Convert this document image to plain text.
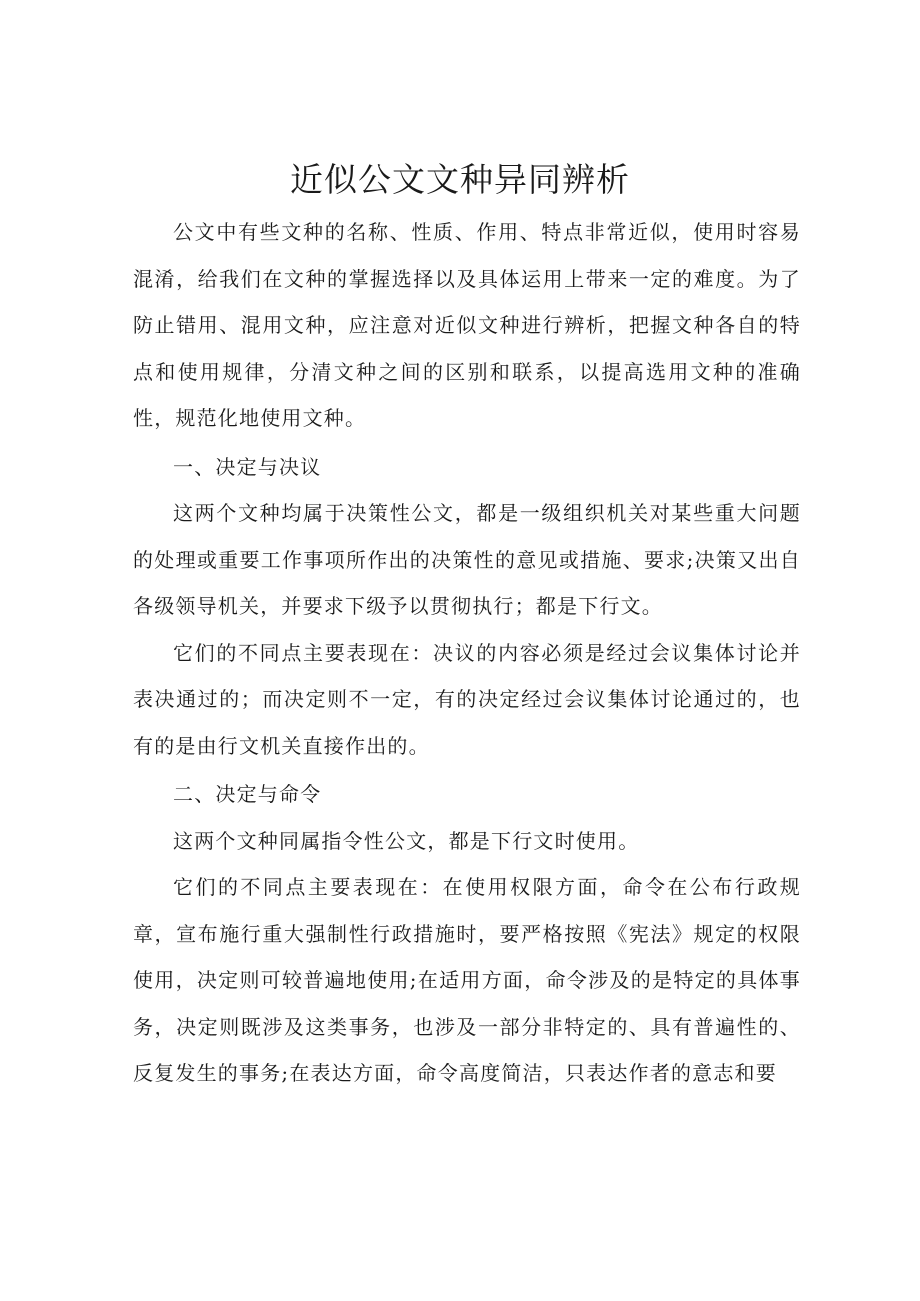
近似公文文种异同辨析

公文中有些文种的名称、性质、作用、特点非常近似，使用时容易混淆，给我们在文种的掌握选择以及具体运用上带来一定的难度。为了防止错用、混用文种，应注意对近似文种进行辨析，把握文种各自的特点和使用规律，分清文种之间的区别和联系，以提高选用文种的准确性，规范化地使用文种。

一、决定与决议

这两个文种均属于决策性公文，都是一级组织机关对某些重大问题的处理或重要工作事项所作出的决策性的意见或措施、要求;决策又出自各级领导机关，并要求下级予以贯彻执行；都是下行文。

它们的不同点主要表现在：决议的内容必须是经过会议集体讨论并表决通过的；而决定则不一定，有的决定经过会议集体讨论通过的，也有的是由行文机关直接作出的。

二、决定与命令

这两个文种同属指令性公文，都是下行文时使用。

它们的不同点主要表现在：在使用权限方面，命令在公布行政规章，宣布施行重大强制性行政措施时，要严格按照《宪法》规定的权限使用，决定则可较普遍地使用;在适用方面，命令涉及的是特定的具体事务，决定则既涉及这类事务，也涉及一部分非特定的、具有普遍性的、反复发生的事务;在表达方面，命令高度简洁，只表达作者的意志和要
